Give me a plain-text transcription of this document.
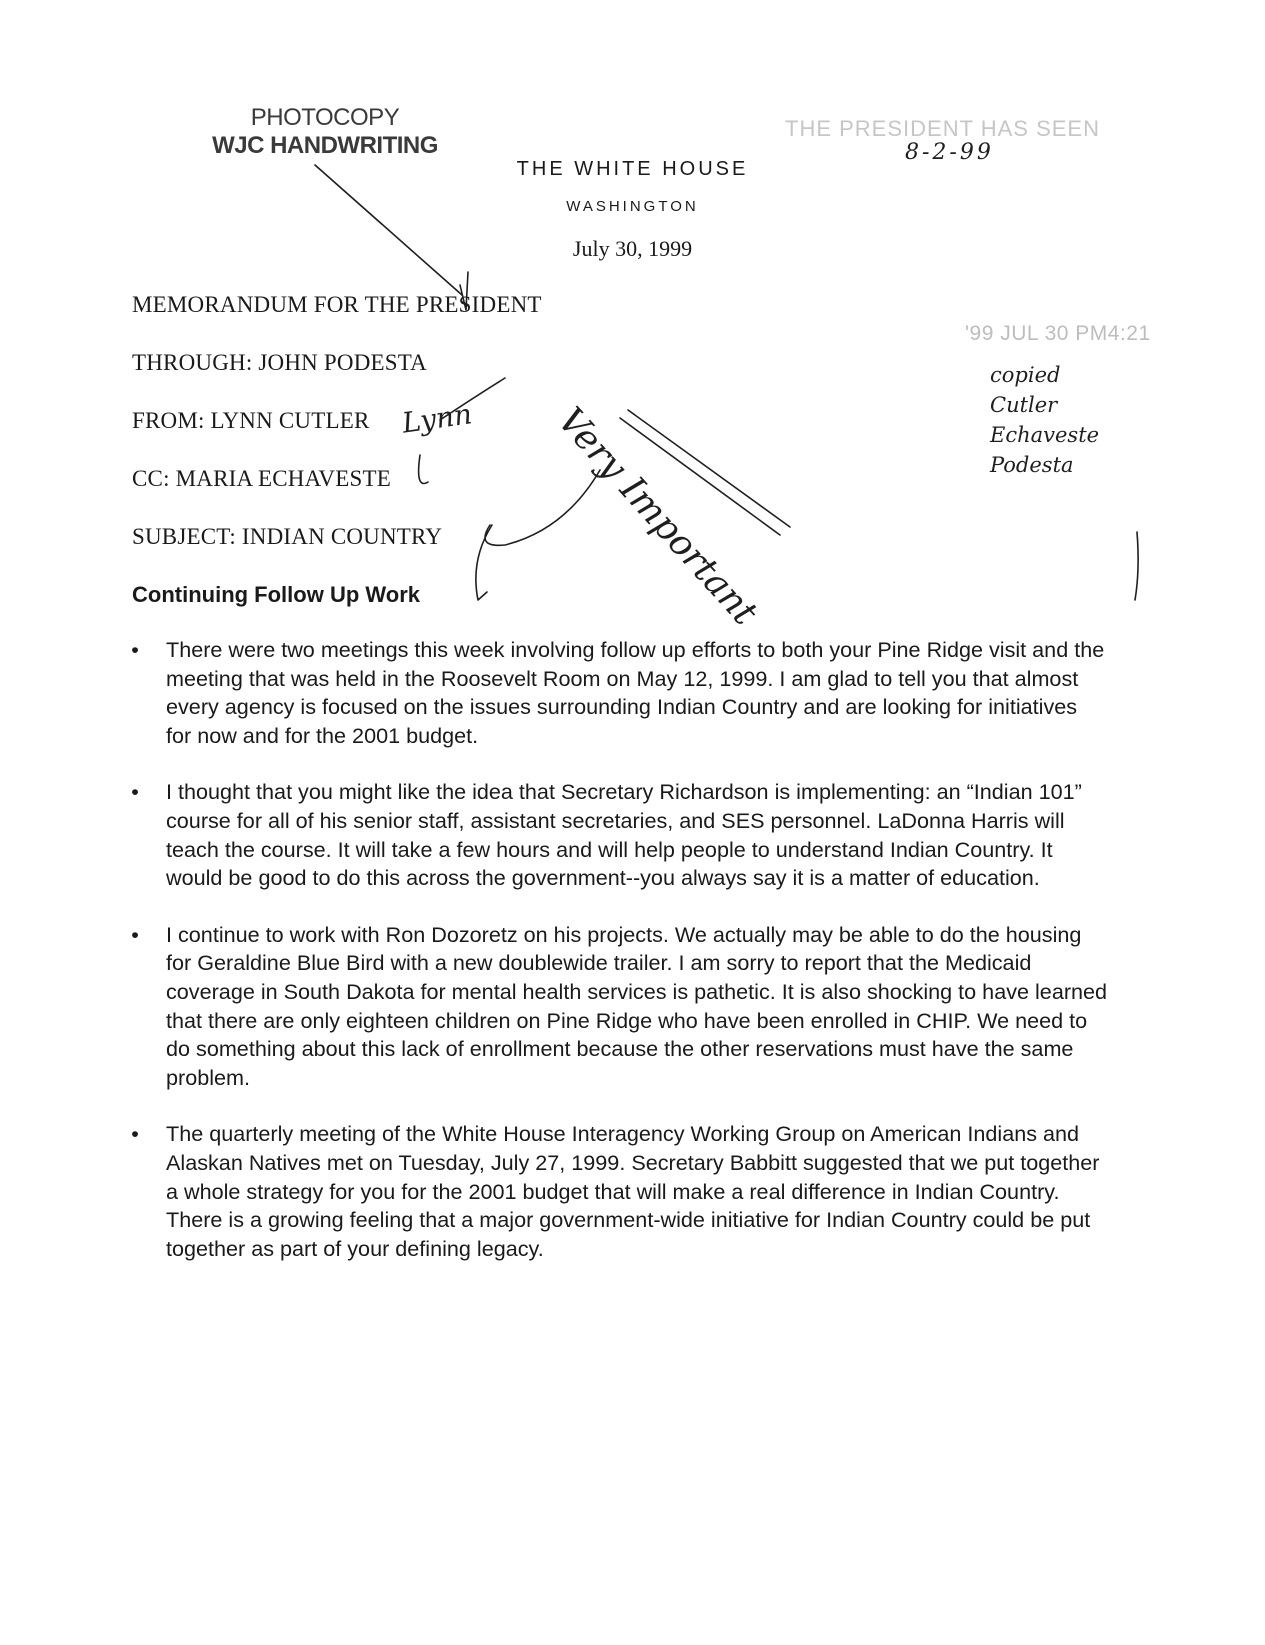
PHOTOCOPY
WJC HANDWRITING
THE PRESIDENT HAS SEEN
8-2-99
THE WHITE HOUSE
WASHINGTON
July 30, 1999
'99 JUL 30 PM4:21
copied
Cutler
Echaveste
Podesta
MEMORANDUM FOR THE PRESIDENT
THROUGH: JOHN PODESTA
FROM: LYNN CUTLER
CC: MARIA ECHAVESTE
SUBJECT: INDIAN COUNTRY
Lynn Very Important
Continuing Follow Up Work
• There were two meetings this week involving follow up efforts to both your Pine Ridge visit and the meeting that was held in the Roosevelt Room on May 12, 1999. I am glad to tell you that almost every agency is focused on the issues surrounding Indian Country and are looking for initiatives for now and for the 2001 budget.
• I thought that you might like the idea that Secretary Richardson is implementing: an “Indian 101” course for all of his senior staff, assistant secretaries, and SES personnel. LaDonna Harris will teach the course. It will take a few hours and will help people to understand Indian Country. It would be good to do this across the government--you always say it is a matter of education.
• I continue to work with Ron Dozoretz on his projects. We actually may be able to do the housing for Geraldine Blue Bird with a new doublewide trailer. I am sorry to report that the Medicaid coverage in South Dakota for mental health services is pathetic. It is also shocking to have learned that there are only eighteen children on Pine Ridge who have been enrolled in CHIP. We need to do something about this lack of enrollment because the other reservations must have the same problem.
• The quarterly meeting of the White House Interagency Working Group on American Indians and Alaskan Natives met on Tuesday, July 27, 1999. Secretary Babbitt suggested that we put together a whole strategy for you for the 2001 budget that will make a real difference in Indian Country. There is a growing feeling that a major government-wide initiative for Indian Country could be put together as part of your defining legacy.
